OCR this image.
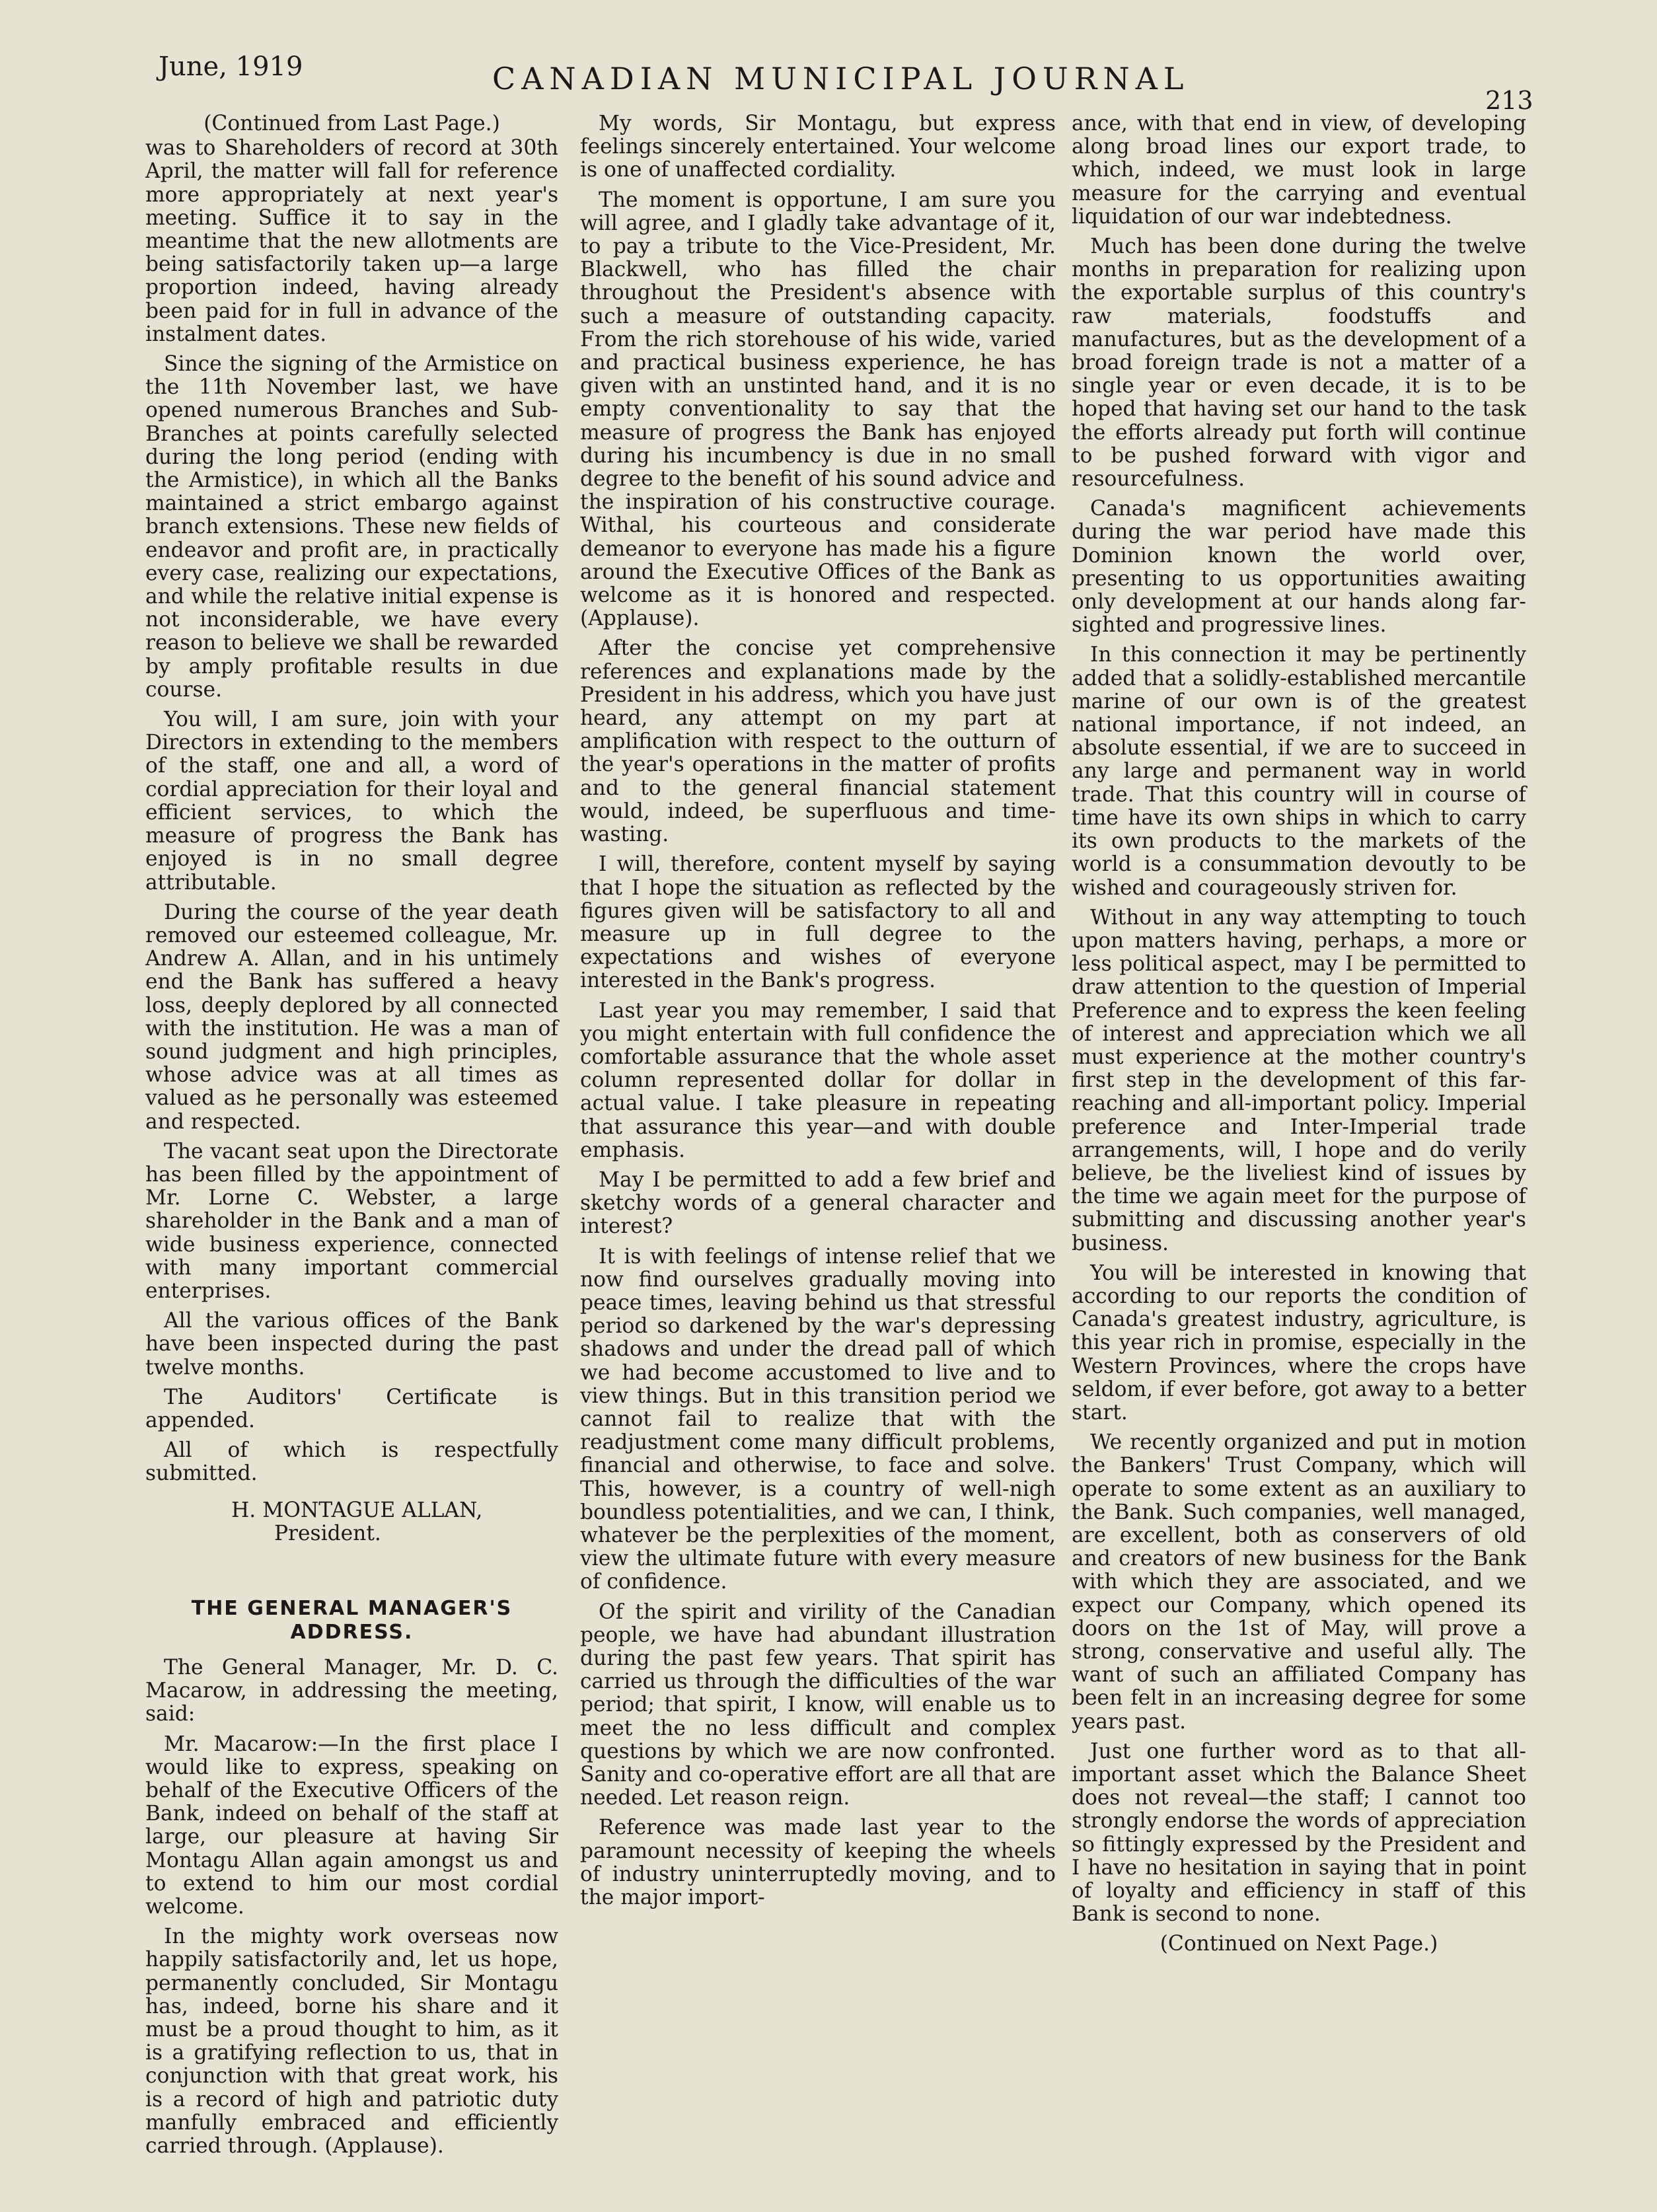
June, 1919	CANADIAN MUNICIPAL JOURNAL
213
(Continued from Last Page.)

was to Shareholders of record at 30th April, the matter will fall for reference more appropriately at next year's meeting. Suffice it to say in the meantime that the new allotments are being satisfactorily taken up—a large proportion indeed, having already been paid for in full in advance of the instalment dates.

Since the signing of the Armistice on the 11th November last, we have opened numerous Branches and Sub-Branches at points carefully selected during the long period (ending with the Armistice), in which all the Banks maintained a strict embargo against branch extensions. These new fields of endeavor and profit are, in practically every case, realizing our expectations, and while the relative initial expense is not inconsiderable, we have every reason to believe we shall be rewarded by amply profitable results in due course.

You will, I am sure, join with your Directors in extending to the members of the staff, one and all, a word of cordial appreciation for their loyal and efficient services, to which the measure of progress the Bank has enjoyed is in no small degree attributable.

During the course of the year death removed our esteemed colleague, Mr. Andrew A. Allan, and in his untimely end the Bank has suffered a heavy loss, deeply deplored by all connected with the institution. He was a man of sound judgment and high principles, whose advice was at all times as valued as he personally was esteemed and respected.

The vacant seat upon the Directorate has been filled by the appointment of Mr. Lorne C. Webster, a large shareholder in the Bank and a man of wide business experience, connected with many important commercial enterprises.

All the various offices of the Bank have been inspected during the past twelve months.

The Auditors' Certificate is appended.

All of which is respectfully submitted.

H. MONTAGUE ALLAN,
President.
THE GENERAL MANAGER'S ADDRESS.

The General Manager, Mr. D. C. Macarow, in addressing the meeting, said:

Mr. Macarow:—In the first place I would like to express, speaking on behalf of the Executive Officers of the Bank, indeed on behalf of the staff at large, our pleasure at having Sir Montagu Allan again amongst us and to extend to him our most cordial welcome.

In the mighty work overseas now happily satisfactorily and, let us hope, permanently concluded, Sir Montagu has, indeed, borne his share and it must be a proud thought to him, as it is a gratifying reflection to us, that in conjunction with that great work, his is a record of high and patriotic duty manfully embraced and efficiently carried through. (Applause).

My words, Sir Montagu, but express feelings sincerely entertained. Your welcome is one of unaffected cordiality.

The moment is opportune, I am sure you will agree, and I gladly take advantage of it, to pay a tribute to the Vice-President, Mr. Blackwell, who has filled the chair throughout the President's absence with such a measure of outstanding capacity. From the rich storehouse of his wide, varied and practical business experience, he has given with an unstinted hand, and it is no empty conventionality to say that the measure of progress the Bank has enjoyed during his incumbency is due in no small degree to the benefit of his sound advice and the inspiration of his constructive courage. Withal, his courteous and considerate demeanor to everyone has made his a figure around the Executive Offices of the Bank as welcome as it is honored and respected. (Applause).

After the concise yet comprehensive references and explanations made by the President in his address, which you have just heard, any attempt on my part at amplification with respect to the outturn of the year's operations in the matter of profits and to the general financial statement would, indeed, be superfluous and time-wasting.

I will, therefore, content myself by saying that I hope the situation as reflected by the figures given will be satisfactory to all and measure up in full degree to the expectations and wishes of everyone interested in the Bank's progress.

Last year you may remember, I said that you might entertain with full confidence the comfortable assurance that the whole asset column represented dollar for dollar in actual value. I take pleasure in repeating that assurance this year—and with double emphasis.

May I be permitted to add a few brief and sketchy words of a general character and interest?

It is with feelings of intense relief that we now find ourselves gradually moving into peace times, leaving behind us that stressful period so darkened by the war's depressing shadows and under the dread pall of which we had become accustomed to live and to view things. But in this transition period we cannot fail to realize that with the readjustment come many difficult problems, financial and otherwise, to face and solve. This, however, is a country of well-nigh boundless potentialities, and we can, I think, whatever be the perplexities of the moment, view the ultimate future with every measure of confidence.

Of the spirit and virility of the Canadian people, we have had abundant illustration during the past few years. That spirit has carried us through the difficulties of the war period; that spirit, I know, will enable us to meet the no less difficult and complex questions by which we are now confronted. Sanity and co-operative effort are all that are needed. Let reason reign.

Reference was made last year to the paramount necessity of keeping the wheels of industry uninterruptedly moving, and to the major import-

ance, with that end in view, of developing along broad lines our export trade, to which, indeed, we must look in large measure for the carrying and eventual liquidation of our war indebtedness.

Much has been done during the twelve months in preparation for realizing upon the exportable surplus of this country's raw materials, foodstuffs and manufactures, but as the development of a broad foreign trade is not a matter of a single year or even decade, it is to be hoped that having set our hand to the task the efforts already put forth will continue to be pushed forward with vigor and resourcefulness.

Canada's magnificent achievements during the war period have made this Dominion known the world over, presenting to us opportunities awaiting only development at our hands along far-sighted and progressive lines.

In this connection it may be pertinently added that a solidly-established mercantile marine of our own is of the greatest national importance, if not indeed, an absolute essential, if we are to succeed in any large and permanent way in world trade. That this country will in course of time have its own ships in which to carry its own products to the markets of the world is a consummation devoutly to be wished and courageously striven for.

Without in any way attempting to touch upon matters having, perhaps, a more or less political aspect, may I be permitted to draw attention to the question of Imperial Preference and to express the keen feeling of interest and appreciation which we all must experience at the mother country's first step in the development of this far-reaching and all-important policy. Imperial preference and Inter-Imperial trade arrangements, will, I hope and do verily believe, be the liveliest kind of issues by the time we again meet for the purpose of submitting and discussing another year's business.

You will be interested in knowing that according to our reports the condition of Canada's greatest industry, agriculture, is this year rich in promise, especially in the Western Provinces, where the crops have seldom, if ever before, got away to a better start.

We recently organized and put in motion the Bankers' Trust Company, which will operate to some extent as an auxiliary to the Bank. Such companies, well managed, are excellent, both as conservers of old and creators of new business for the Bank with which they are associated, and we expect our Company, which opened its doors on the 1st of May, will prove a strong, conservative and useful ally. The want of such an affiliated Company has been felt in an increasing degree for some years past.

Just one further word as to that all-important asset which the Balance Sheet does not reveal—the staff; I cannot too strongly endorse the words of appreciation so fittingly expressed by the President and I have no hesitation in saying that in point of loyalty and efficiency in staff of this Bank is second to none.

(Continued on Next Page.)
